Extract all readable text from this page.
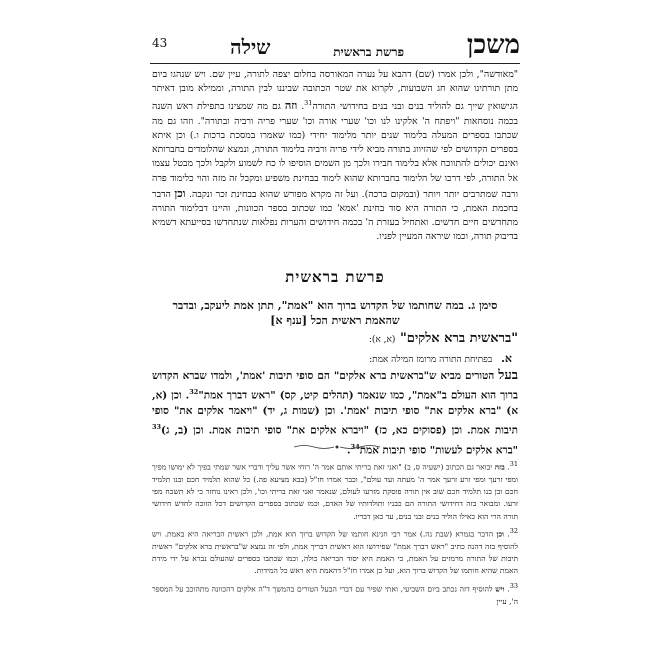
43	שילה	פרשת בראשית משכן

"מאודשה", ולכן אמרו (שם) דהבא על נערה המאורסה בחלום יצפה לתורה, עיין שם. ויש שנהגו ביום מתן תורתינו שהוא חג השבועות, לקרוא את שטר הכתובה שביננו לבין התורה, וממילא מובן דאיתר הגישואין שייך גם להוליד בנים ובני בנים בחידושי התורה$^{31}$. וזה גם מה שמצינו בתפילת ראש השנה בכמה נוסחאות "ויפתח ה' אלקינו לנו וכו' שערי אורה וכו' שערי פריה ורביה ובתורה". וזהו גם מה שכתבו בספרים המעלה בלימוד שנים יותר מלימוד יחידי (כמו שאמרו במסכת ברכות ו.) וכן איתא בספרים הקדושים לפי שהזיווג בתורה מביא לידי פריה ורביה בלימוד התורה, ונמצא שהלומדים בחברותא ואינם יכולים להתווכח אלא בלימוד חבירו ולכך מן השמים הוסיפו לו כח לשמוע ולקבל ולכך מבטל עצמו אל התורה, לפי דרכו של הלימוד בחברותא שהוא לימוד בבחינת משפיע ומקבל זה מזה והוי כלימוד פרה ורבה שמתרבים יותר ויותר (ובמקום ברכה). ועל זה מקרא מפורש שהוא בבחינת זכר ונקבה. וכן הדבר בחכמת האמת, כי התורה היא סוד בחינת 'אמא' כמו שכתוב בספר הכוונות, והיינו דבלימוד התורה מתחדשים חיים חדשים. ואתחיל בעזרת ה' בכמה חידושים והערות נפלאות שנתחדשו בסייעתא דשמיא בדיבוק תורה, וכמו שיראה המעיין לפניו.

פרשת בראשית
סימן ג. במה שחותמו של הקדוש ברוך הוא "אמת", תתן אמת ליעקב, ובדבר
שהאמת ראשית הכל [ענף א]
"בראשית ברא אלקים" (א, א):
א. בפתיחת התורה מרומז המילה אמת:
בעל הטורים מביא ש"בראשית ברא אלקים" הם סופי תיבות 'אמת', ולמדו שברא הקדוש ברוך הוא העולם ב"אמת", כמו שנאמר (תהלים קיט, קס) "ראש דברך אמת"$^{32}$. וכן (א, א) "ברא אלקים את" סופי תיבות 'אמת'. וכן (שמות ג, יד) "ויאמר אלקים את" סופי תיבות אמת. וכן (פסוקים כא, כז) "ויברא אלקים את" סופי תיבות אמת. וכן (ב, ג)$^{33}$ "ברא אלקים לעשות" סופי תיבות אמת$^{34}$.

$^{31}$. בזה יבואר גם הכתוב (ישעיה ס, ב) "ואני זאת בריתי אותם אמר ה' רוחי אשר עליך ודברי אשר שמתי בפיך לא ימושו מפיך ומפי זרעך ומפי זרע זרעך אמר ה' מעתה ועד עולם", וכבר אמרו חז"ל (בבא מציעא פה.) כל שהוא תלמיד חכם ובנו תלמיד חכם ובן בנו תלמיד חכם שוב אין תורה פוסקת מזרעו לעולם, שנאמר ואני זאת בריתי וכו', ולכן ראינו נוחזר כי לא תשכח מפי זרעו. ומבואר בזה דחידושי התורה הם כבניו ותולדותיו של האדם, וכמו שכתוב בספרים הקדושים דכל הזוכה לחדש חידושי תורה הרי הוא כאילו הוליד בנים ובני בנים, עד כאן דבריו.

$^{32}$. וכן הדבר בגמרא (שבת נה.) אמר רבי חנינא חותמו של הקדוש ברוך הוא אמת, ולכן ראשית הבריאה היא באמת. ויש להוסיף בזה דהנה כתיב "ראש דברך אמת" שפירושו הוא ראשית דבריך אמת, ולפי זה נמצא ש"בראשית ברא אלקים" ראשית תיבות של התורה מרמזים על האמת, כי האמת היא יסוד הבריאה כולה, וכמו שכתבו בספרים שהעולם נברא על ידי מידת האמת שהיא חותמו של הקדוש ברוך הוא, ועל כן אמרו חז"ל דהאמת היא ראש כל המידות.

$^{33}$. ויש להוסיף דזה נכתב ביום השביעי, ואתי שפיר עם דברי הבעל הטורים בהמשך ד"ה אלקים דהכוונה מתהוכב על המספר ה', עיין
